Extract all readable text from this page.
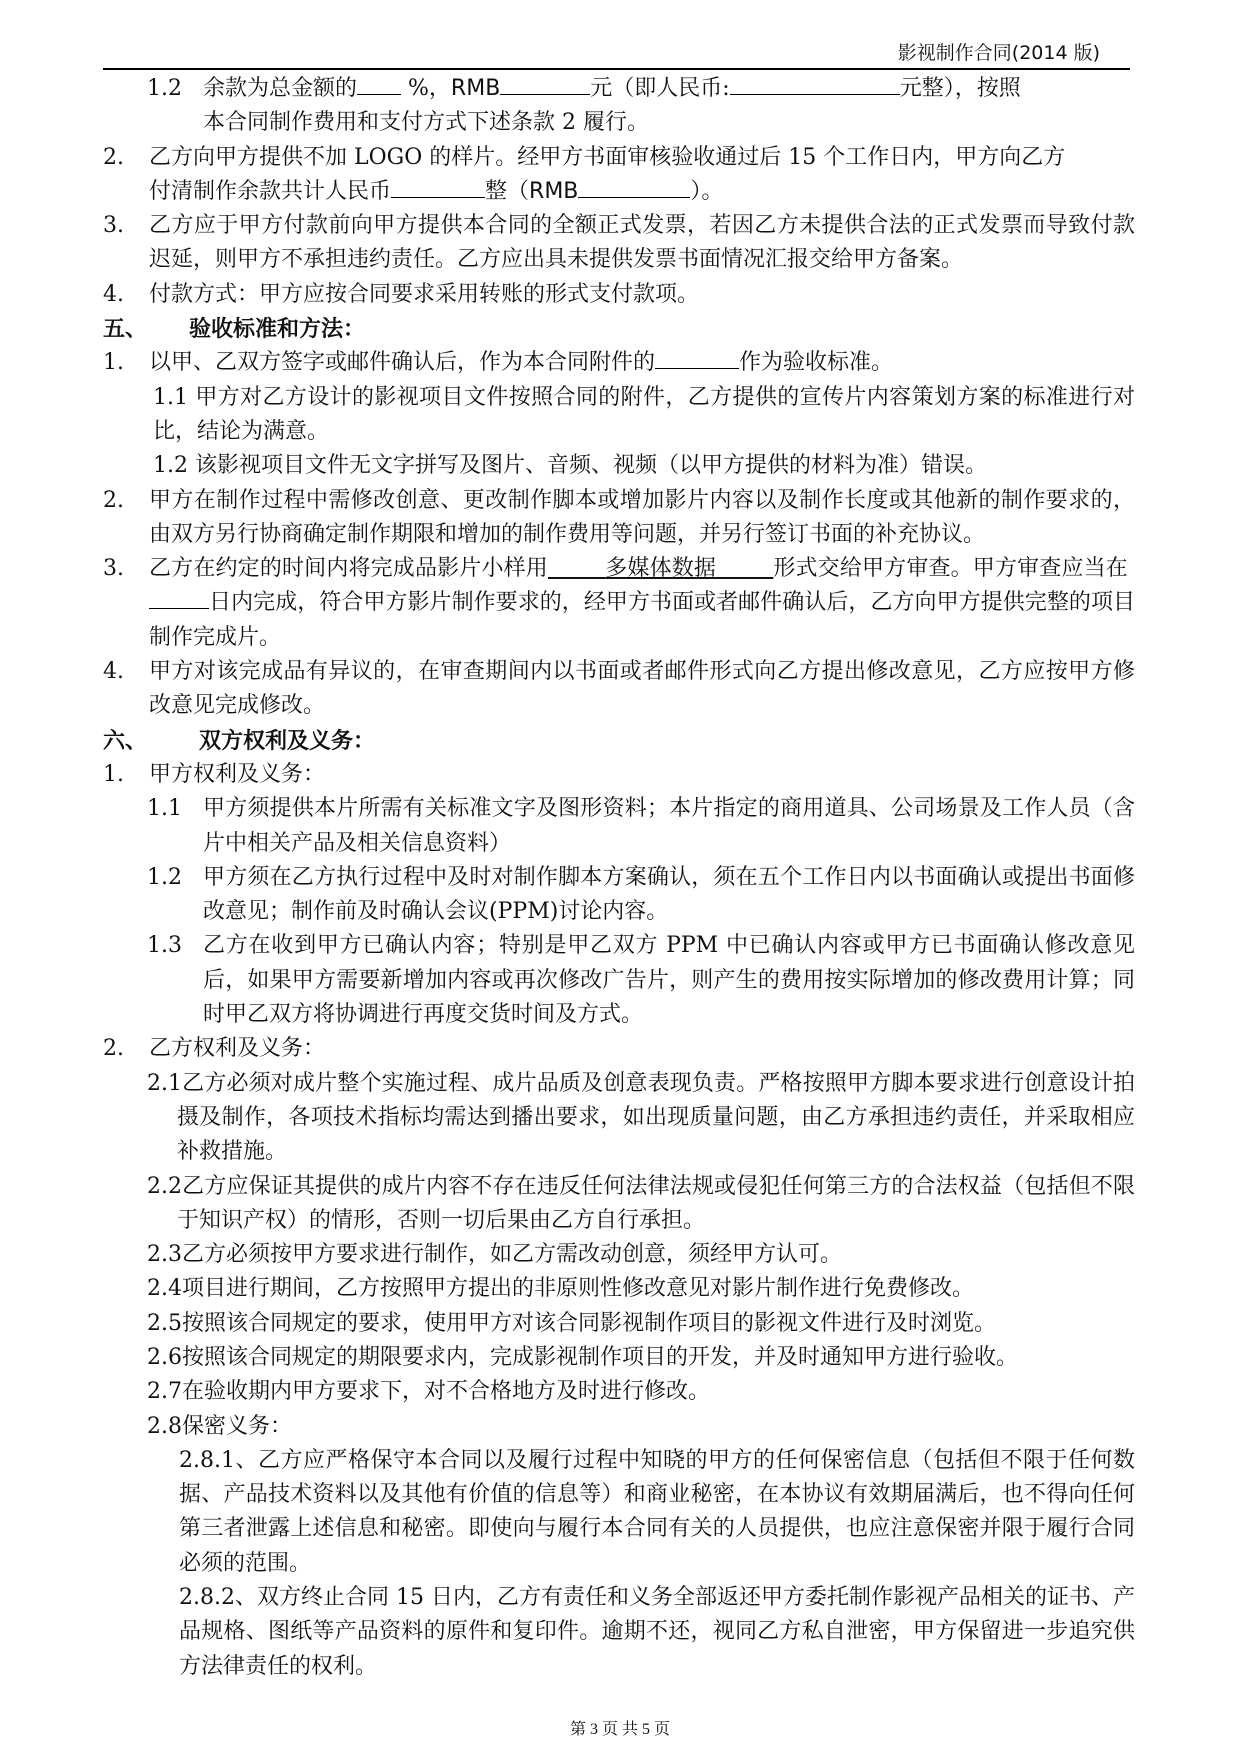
影视制作合同(2014 版)
1.2 余款为总金额的 %，RMB	元（即人民币:	元整），按照
本合同制作费用和支付方式下述条款 2 履行。
2.	乙方向甲方提供不加 LOGO 的样片。经甲方书面审核验收通过后 15 个工作日内，甲方向乙方
付清制作余款共计人民币	整（RMB	）。
3.	乙方应于甲方付款前向甲方提供本合同的全额正式发票，若因乙方未提供合法的正式发票而导致付款迟延，则甲方不承担违约责任。乙方应出具未提供发票书面情况汇报交给甲方备案。
4.	付款方式：甲方应按合同要求采用转账的形式支付款项。
五、	验收标准和方法：
1.	以甲、乙双方签字或邮件确认后，作为本合同附件的	作为验收标准。
1.1 甲方对乙方设计的影视项目文件按照合同的附件，乙方提供的宣传片内容策划方案的标准进行对比，结论为满意。
1.2 该影视项目文件无文字拼写及图片、音频、视频（以甲方提供的材料为准）错误。
2.	甲方在制作过程中需修改创意、更改制作脚本或增加影片内容以及制作长度或其他新的制作要求的，由双方另行协商确定制作期限和增加的制作费用等问题，并另行签订书面的补充协议。
3.	乙方在约定的时间内将完成品影片小样用	多媒体数据	形式交给甲方审查。甲方审查应当在 日内完成，符合甲方影片制作要求的，经甲方书面或者邮件确认后，乙方向甲方提供完整的项目制作完成片。
4.	甲方对该完成品有异议的，在审查期间内以书面或者邮件形式向乙方提出修改意见，乙方应按甲方修改意见完成修改。
六、	双方权利及义务：
1.	甲方权利及义务：
1.1 甲方须提供本片所需有关标准文字及图形资料；本片指定的商用道具、公司场景及工作人员（含片中相关产品及相关信息资料）
1.2 甲方须在乙方执行过程中及时对制作脚本方案确认，须在五个工作日内以书面确认或提出书面修改意见；制作前及时确认会议(PPM)讨论内容。
1.3 乙方在收到甲方已确认内容；特别是甲乙双方 PPM 中已确认内容或甲方已书面确认修改意见后，如果甲方需要新增加内容或再次修改广告片，则产生的费用按实际增加的修改费用计算；同时甲乙双方将协调进行再度交货时间及方式。
2.	乙方权利及义务：
2.1乙方必须对成片整个实施过程、成片品质及创意表现负责。严格按照甲方脚本要求进行创意设计拍摄及制作，各项技术指标均需达到播出要求，如出现质量问题，由乙方承担违约责任，并采取相应补救措施。
2.2乙方应保证其提供的成片内容不存在违反任何法律法规或侵犯任何第三方的合法权益（包括但不限于知识产权）的情形，否则一切后果由乙方自行承担。
2.3乙方必须按甲方要求进行制作，如乙方需改动创意，须经甲方认可。
2.4项目进行期间，乙方按照甲方提出的非原则性修改意见对影片制作进行免费修改。
2.5按照该合同规定的要求，使用甲方对该合同影视制作项目的影视文件进行及时浏览。
2.6按照该合同规定的期限要求内，完成影视制作项目的开发，并及时通知甲方进行验收。
2.7在验收期内甲方要求下，对不合格地方及时进行修改。
2.8保密义务：
2.8.1、乙方应严格保守本合同以及履行过程中知晓的甲方的任何保密信息（包括但不限于任何数据、产品技术资料以及其他有价值的信息等）和商业秘密，在本协议有效期届满后，也不得向任何第三者泄露上述信息和秘密。即使向与履行本合同有关的人员提供，也应注意保密并限于履行合同必须的范围。
2.8.2、双方终止合同 15 日内，乙方有责任和义务全部返还甲方委托制作影视产品相关的证书、产品规格、图纸等产品资料的原件和复印件。逾期不还，视同乙方私自泄密，甲方保留进一步追究供方法律责任的权利。
第 3 页 共 5 页
